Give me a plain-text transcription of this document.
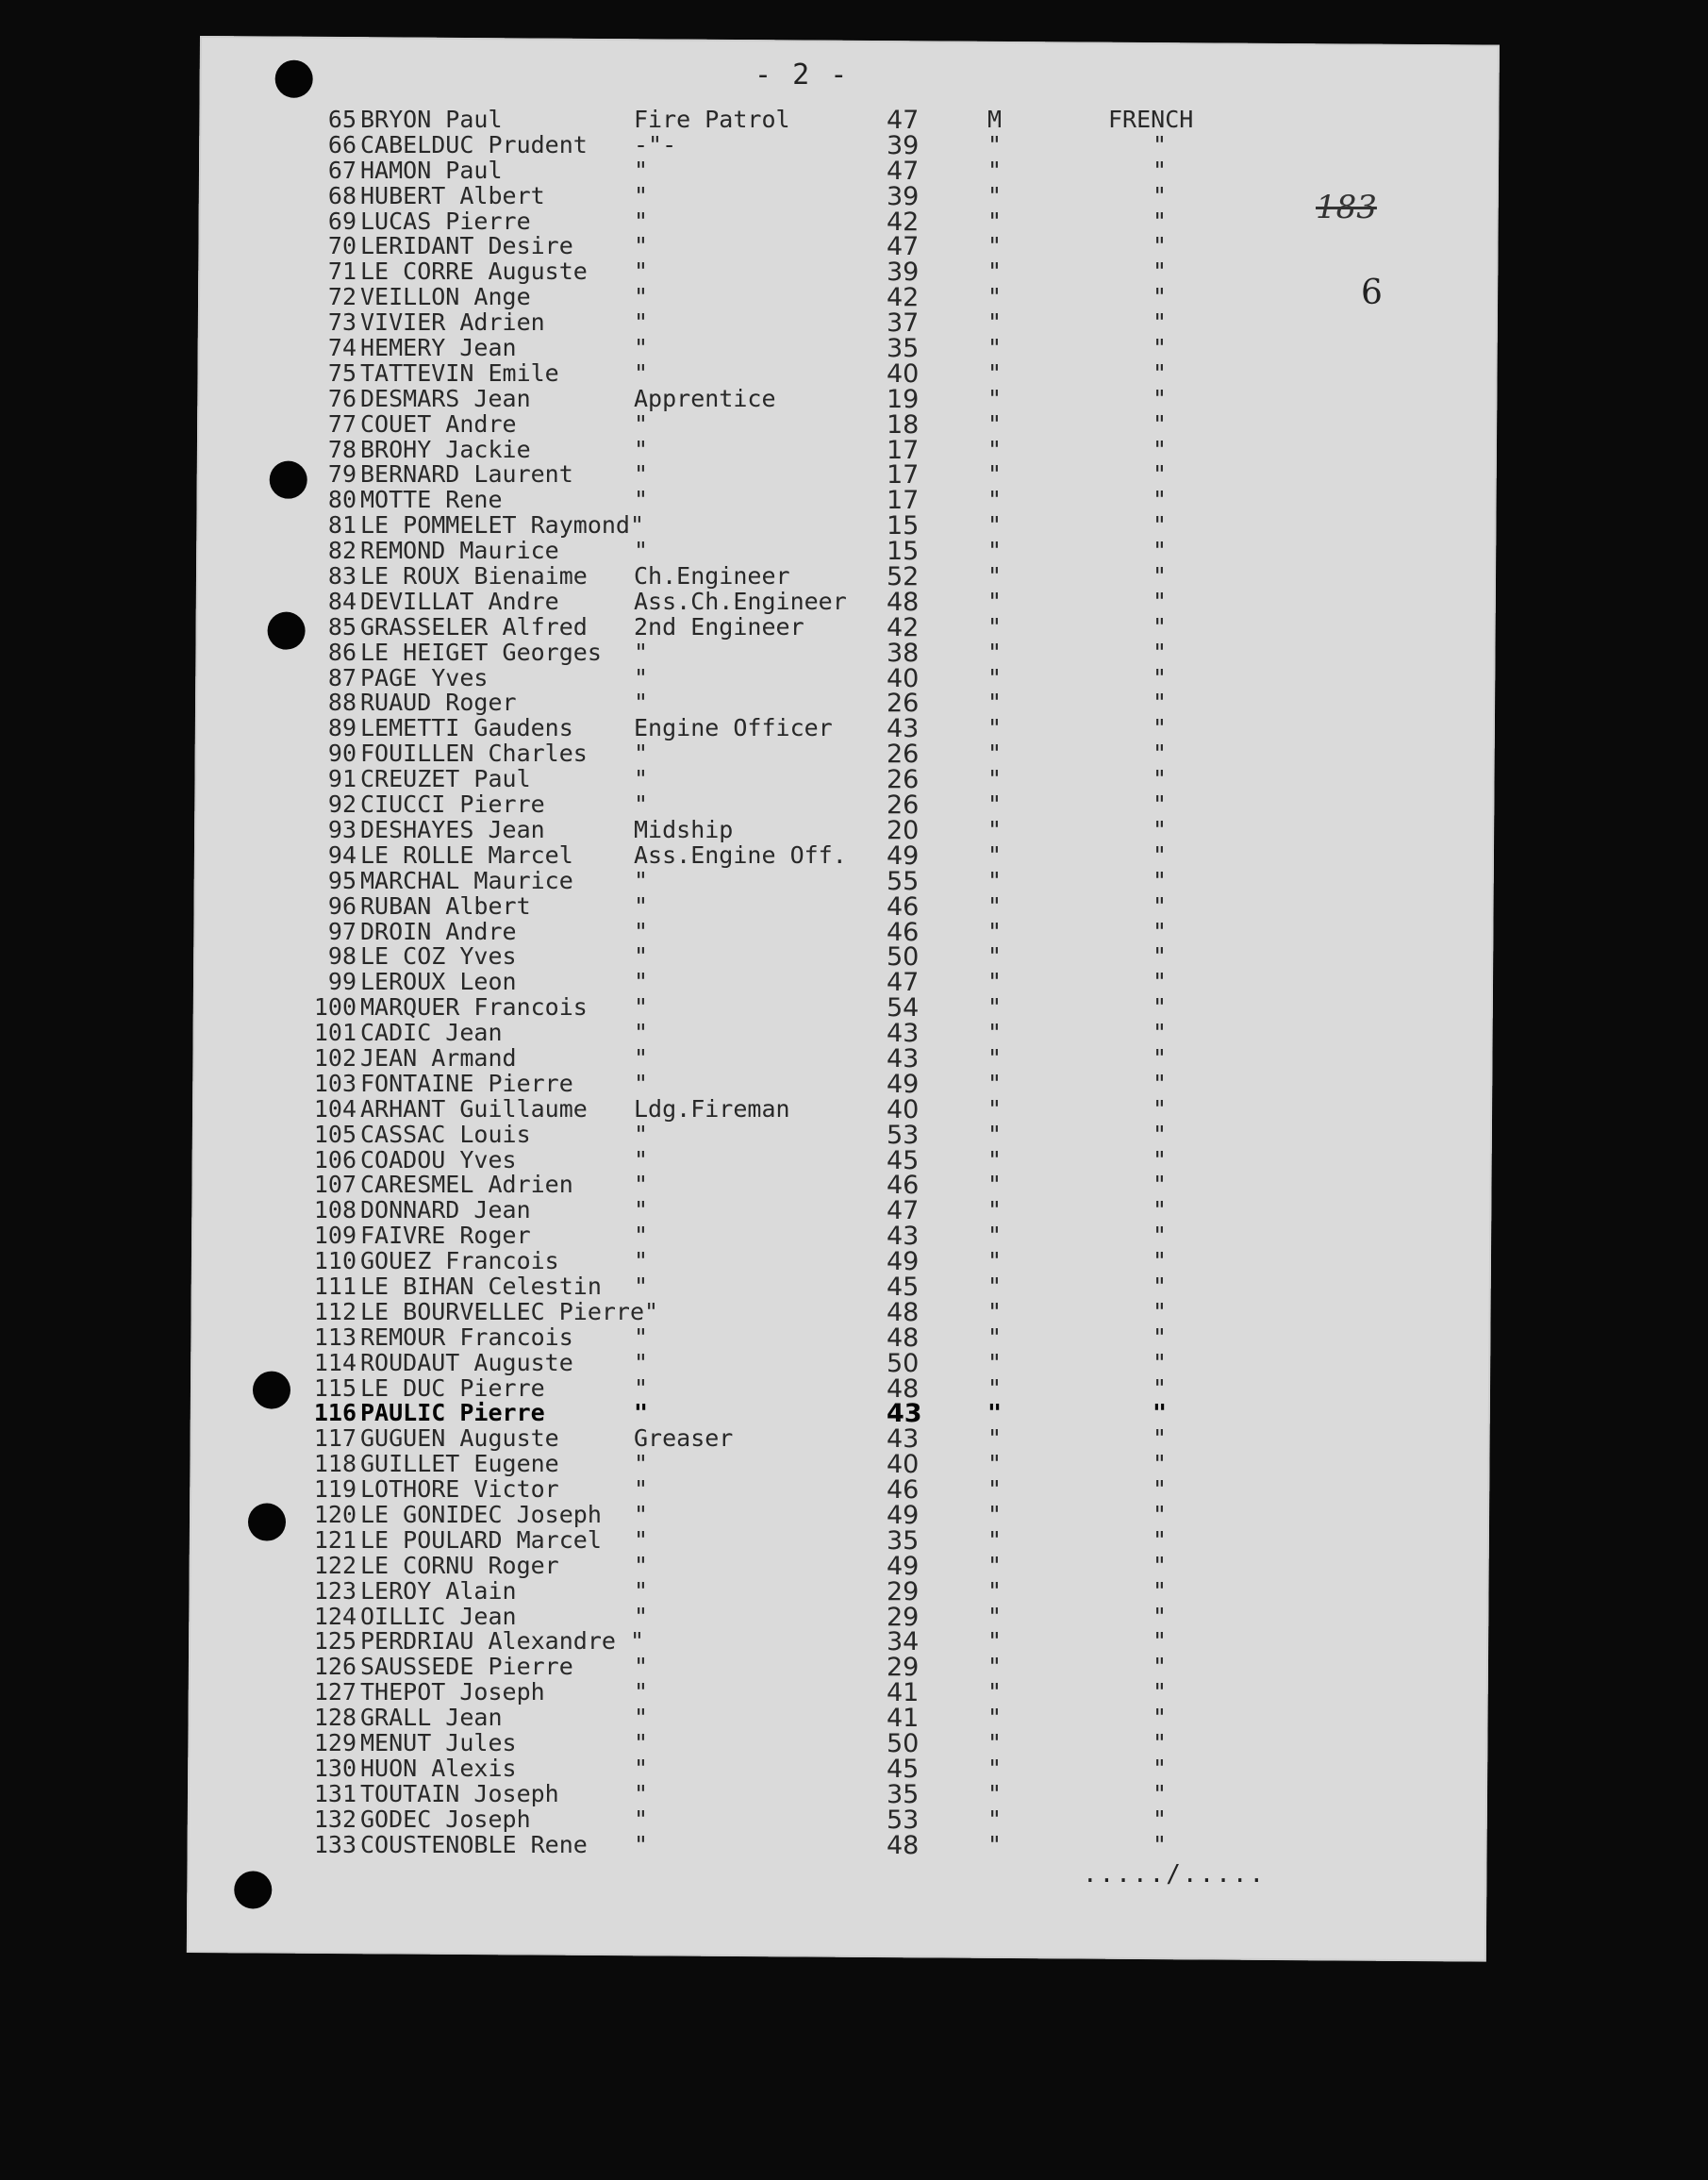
- 2 -
183
6
65 BRYON Paul	Fire Patrol	47	M	FRENCH
66 CABELDUC Prudent -"-	39	"	"
67 HAMON Paul	"	47	"	"
68 HUBERT Albert	"	39	"	"
69 LUCAS Pierre	"	42	"	"
70 LERIDANT Desire	"	47	"	"
71 LE CORRE Auguste "	39	"	"
72 VEILLON Ange	"	42	"	"
73 VIVIER Adrien	"	37	"	"
74 HEMERY Jean	"	35	"	"
75 TATTEVIN Emile	"	40	"	"
76 DESMARS Jean	Apprentice	19	"	"
77 COUET Andre	"	18	"	"
78 BROHY Jackie	"	17	"	"
79 BERNARD Laurent	"	17	"	"
80 MOTTE Rene	"	17	"	"
81 LE POMMELET Raymond"	15	"	"
82 REMOND Maurice	"	15	"	"
83 LE ROUX Bienaime Ch.Engineer	52	"	"
84 DEVILLAT Andre	Ass.Ch.Engineer 48	"	"
85 GRASSELER Alfred 2nd Engineer	42	"	"
86 LE HEIGET Georges "	38	"	"
87 PAGE Yves	"	40	"	"
88 RUAUD Roger	"	26	"	"
89 LEMETTI Gaudens	Engine Officer 43	"	"
90 FOUILLEN Charles "	26	"	"
91 CREUZET Paul	"	26	"	"
92 CIUCCI Pierre	"	26	"	"
93 DESHAYES Jean	Midship	20	"	"
94 LE ROLLE Marcel	Ass.Engine Off. 49	"	"
95 MARCHAL Maurice	"	55	"	"
96 RUBAN Albert	"	46	"	"
97 DROIN Andre	"	46	"	"
98 LE COZ Yves	"	50	"	"
99 LEROUX Leon	"	47	"	"
100 MARQUER Francois "	54	"	"
101 CADIC Jean	"	43	"	"
102 JEAN Armand	"	43	"	"
103 FONTAINE Pierre	"	49	"	"
104 ARHANT Guillaume Ldg.Fireman	40	"	"
105 CASSAC Louis	"	53	"	"
106 COADOU Yves	"	45	"	"
107 CARESMEL Adrien	"	46	"	"
108 DONNARD Jean	"	47	"	"
109 FAIVRE Roger	"	43	"	"
110 GOUEZ Francois	"	49	"	"
111 LE BIHAN Celestin "	45	"	"
112 LE BOURVELLEC Pierre"	48	"	"
113 REMOUR Francois	"	48	"	"
114 ROUDAUT Auguste	"	50	"	"
115 LE DUC Pierre	"	48	"	"
116 PAULIC Pierre	"	43	"	"
117 GUGUEN Auguste	Greaser	43	"	"
118 GUILLET Eugene	"	40	"	"
119 LOTHORE Victor	"	46	"	"
120 LE GONIDEC Joseph "	49	"	"
121 LE POULARD Marcel "	35	"	"
122 LE CORNU Roger	"	49	"	"
123 LEROY Alain	"	29	"	"
124 OILLIC Jean	"	29	"	"
125 PERDRIAU Alexandre "	34	"	"
126 SAUSSEDE Pierre	"	29	"	"
127 THEPOT Joseph	"	41	"	"
128 GRALL Jean	"	41	"	"
129 MENUT Jules	"	50	"	"
130 HUON Alexis	"	45	"	"
131 TOUTAIN Joseph	"	35	"	"
132 GODEC Joseph	"	53	"	"
133 COUSTENOBLE Rene "	48	"	"
...../.....
